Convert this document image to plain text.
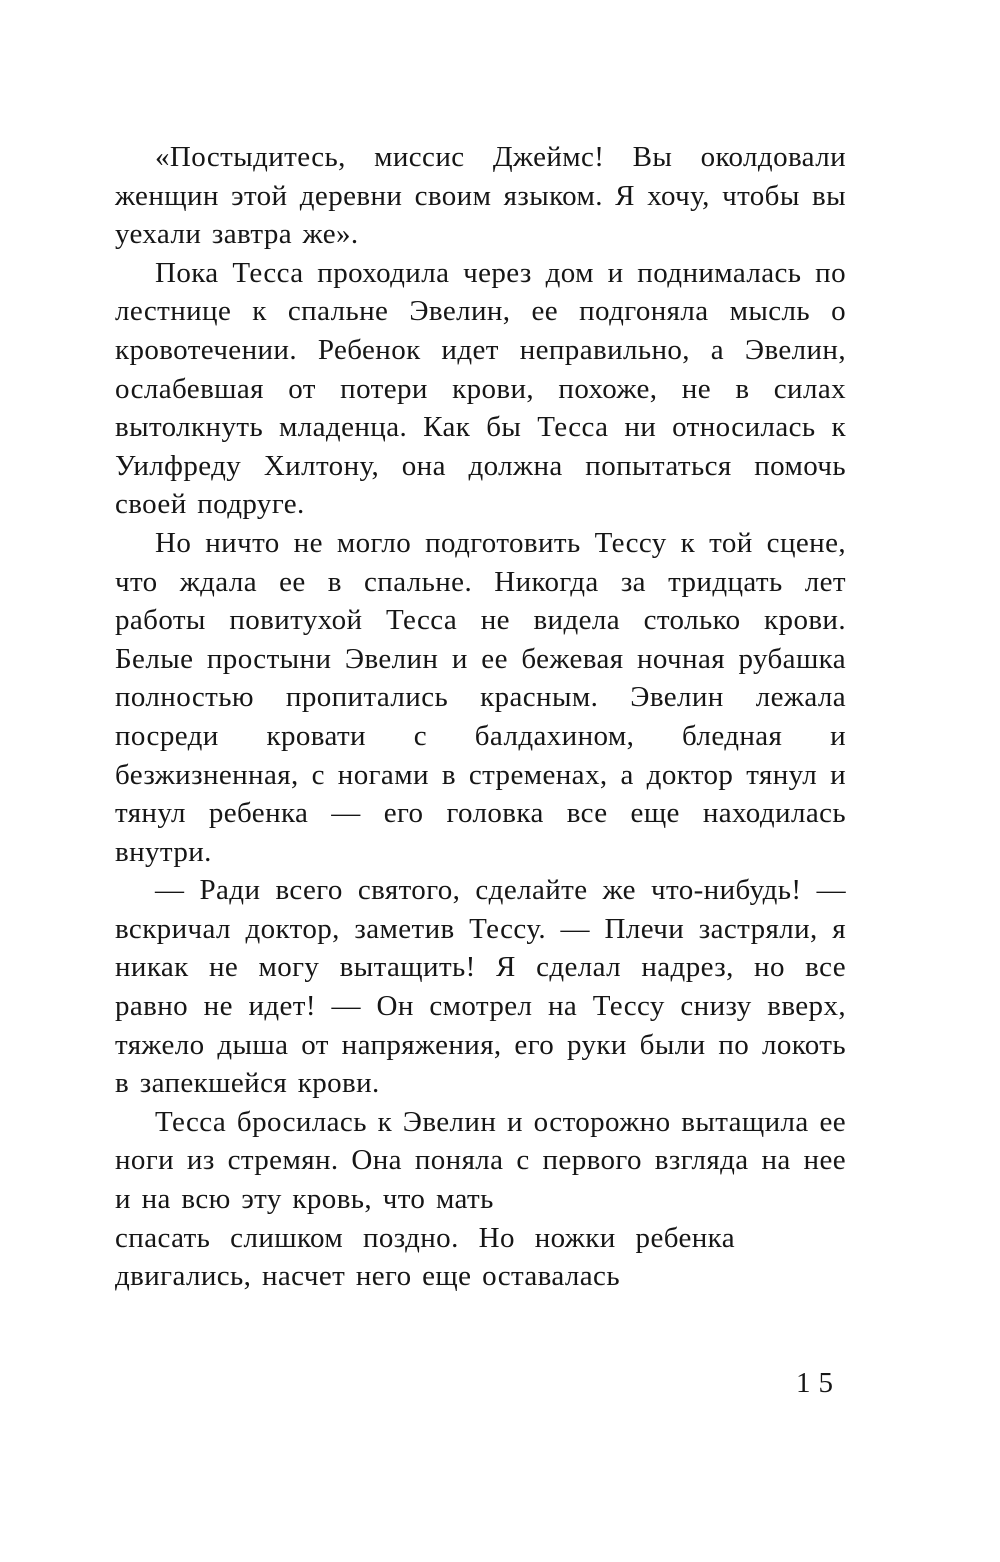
«Постыдитесь, миссис Джеймс! Вы околдовали женщин этой деревни своим языком. Я хочу, чтобы вы уехали завтра же».

Пока Тесса проходила через дом и поднималась по лестнице к спальне Эвелин, ее подгоняла мысль о кровотечении. Ребенок идет неправильно, а Эвелин, ослабевшая от потери крови, похоже, не в силах вытолкнуть младенца. Как бы Тесса ни относилась к Уилфреду Хилтону, она должна попытаться помочь своей подруге.

Но ничто не могло подготовить Тессу к той сцене, что ждала ее в спальне. Никогда за тридцать лет работы повитухой Тесса не видела столько крови. Белые простыни Эвелин и ее бежевая ночная рубашка полностью пропитались красным. Эвелин лежала посреди кровати с балдахином, бледная и безжизненная, с ногами в стременах, а доктор тянул и тянул ребенка — его головка все еще находилась внутри.

— Ради всего святого, сделайте же что-нибудь! — вскричал доктор, заметив Тессу. — Плечи застряли, я никак не могу вытащить! Я сделал надрез, но все равно не идет! — Он смотрел на Тессу снизу вверх, тяжело дыша от напряжения, его руки были по локоть в запекшейся крови.

Тесса бросилась к Эвелин и осторожно вытащила ее ноги из стремян. Она поняла с первого взгляда на нее и на всю эту кровь, что мать

спасать слишком поздно. Но ножки ребенка двигались, насчет него еще оставалась

15
